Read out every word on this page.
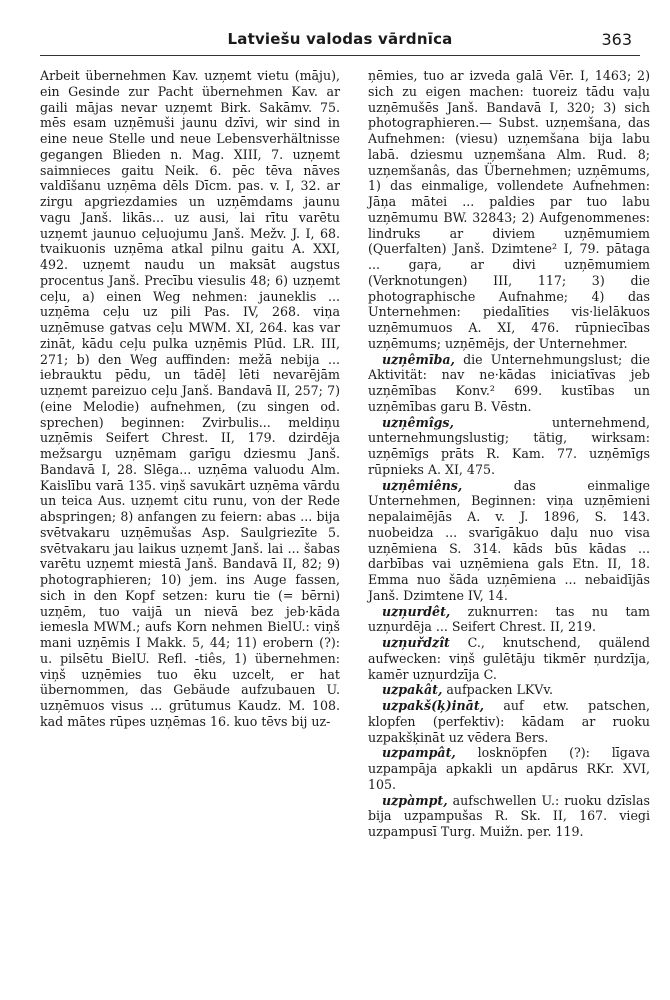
Latviešu valodas vārdnīca	363

Arbeit übernehmen Kav. uzņemt vietu (māju), ein Gesinde zur Pacht übernehmen Kav. ar gaili mājas nevar uzņemt Birk. Sakāmv. 75. mēs esam uzņēmuši jaunu dzīvi, wir sind in eine neue Stelle und neue Lebensverhältnisse gegangen Blieden n. Mag. XIII, 7. uzņemt saimnieces gaitu Neik. 6. pēc tēva nāves valdīšanu uzņēma dēls Dīcm. pas. v. I, 32. ar zirgu apgriezdamies un uzņēmdams jaunu vagu Janš. likās... uz ausi, lai rītu varētu uzņemt jaunuo ceļuojumu Janš. Mežv. J. I, 68. tvaikuonis uzņēma atkal pilnu gaitu A. XXI, 492. uzņemt naudu un maksāt augstus procentus Janš. Precību viesulis 48; 6) uzņemt ceļu, a) einen Weg nehmen: jauneklis ... uzņēma ceļu uz pili Pas. IV, 268. viņa uzņēmuse gatvas ceļu MWM. XI, 264. kas var zināt, kādu ceļu pulka uzņēmis Plūd. LR. III, 271; b) den Weg auffinden: mežā nebija ... iebrauktu pēdu, un tādēļ lēti nevarējām uzņemt pareizuo ceļu Janš. Bandavā II, 257; 7) (eine Melodie) aufnehmen, (zu singen od. sprechen) beginnen: Zvirbulis... meldiņu uzņēmis Seifert Chrest. II, 179. dzirdēja mežsargu uzņēmam garīgu dziesmu Janš. Bandavā I, 28. Slēga... uzņēma valuodu Alm. Kaislību varā 135. viņš savukārt uzņēma vārdu un teica Aus. uzņemt citu runu, von der Rede abspringen; 8) anfangen zu feiern: abas ... bija svētvakaru uzņēmušas Asp. Saulgriezīte 5. svētvakaru jau laikus uzņemt Janš. lai ... šabas varētu uzņemt miestā Janš. Bandavā II, 82; 9) photographieren; 10) jem. ins Auge fassen, sich in den Kopf setzen: kuru tie (= bērni) uzņēm, tuo vaijā un nievā bez jeb·kāda iemesla MWM.; aufs Korn nehmen BielU.: viņš mani uzņēmis I Makk. 5, 44; 11) erobern (?): u. pilsētu BielU. Refl. -tiês, 1) übernehmen: viņš uzņēmies tuo ēku uzcelt, er hat übernommen, das Gebäude aufzubauen U. uzņēmuos visus ... grūtumus Kaudz. M. 108. kad mātes rūpes uzņēmas 16. kuo tēvs bij uz-

ņēmies, tuo ar izveda galā Vēr. I, 1463; 2) sich zu eigen machen: tuoreiz tādu vaļu uzņēmušēs Janš. Bandavā I, 320; 3) sich photographieren.— Subst. uzņemšana, das Aufnehmen: (viesu) uzņemšana bija labu labā. dziesmu uzņemšana Alm. Rud. 8; uzņemšanâs, das Übernehmen; uzņēmums, 1) das einmalige, vollendete Aufnehmen: Jāņa mātei ... paldies par tuo labu uzņēmumu BW. 32843; 2) Aufgenommenes: lindruks ar diviem uzņēmumiem (Querfalten) Janš. Dzimtene² I, 79. pātaga ... gaŗa, ar divi uzņēmumiem (Verknotungen) III, 117; 3) die photographische Aufnahme; 4) das Unternehmen: piedalīties vis·lielākuos uzņēmumuos A. XI, 476. rūpniecības uzņēmums; uzņēmējs, der Unternehmer.

uzņêmība, die Unternehmungslust; die Aktivität: nav ne·kādas iniciatīvas jeb uzņēmības Konv.² 699. kustības un uzņēmības garu B. Vēstn.

uzņêmîgs, unternehmend, unternehmungslustig; tätig, wirksam: uzņēmīgs prāts R. Kam. 77. uzņēmīgs rūpnieks A. XI, 475.

uzņêmiêns, das einmalige Unternehmen, Beginnen: viņa uzņēmieni nepalaimējās A. v. J. 1896, S. 143. nuobeidza ... svarīgākuo daļu nuo visa uzņēmiena S. 314. kāds būs kādas ... darbības vai uzņēmiena gals Etn. II, 18. Emma nuo šāda uzņēmiena ... nebaidījās Janš. Dzimtene IV, 14.

uzņurdêt, zuknurren: tas nu tam uzņurdēja ... Seifert Chrest. II, 219.

uzņuřdzît C., knutschend, quälend aufwecken: viņš gulētāju tikmēr ņurdzīja, kamēr uzņurdzīja C.

uzpakât, aufpacken LKVv.

uzpakš(ķ)ināt, auf etw. patschen, klopfen (perfektiv): kādam ar ruoku uzpakšķināt uz vēdera Bers.

uzpampât, losknöpfen (?): līgava uzpampāja apkakli un apdārus RKr. XVI, 105.

uzpàmpt, aufschwellen U.: ruoku dzīslas bija uzpampušas R. Sk. II, 167. viegi uzpampusī Turg. Muižn. per. 119.
